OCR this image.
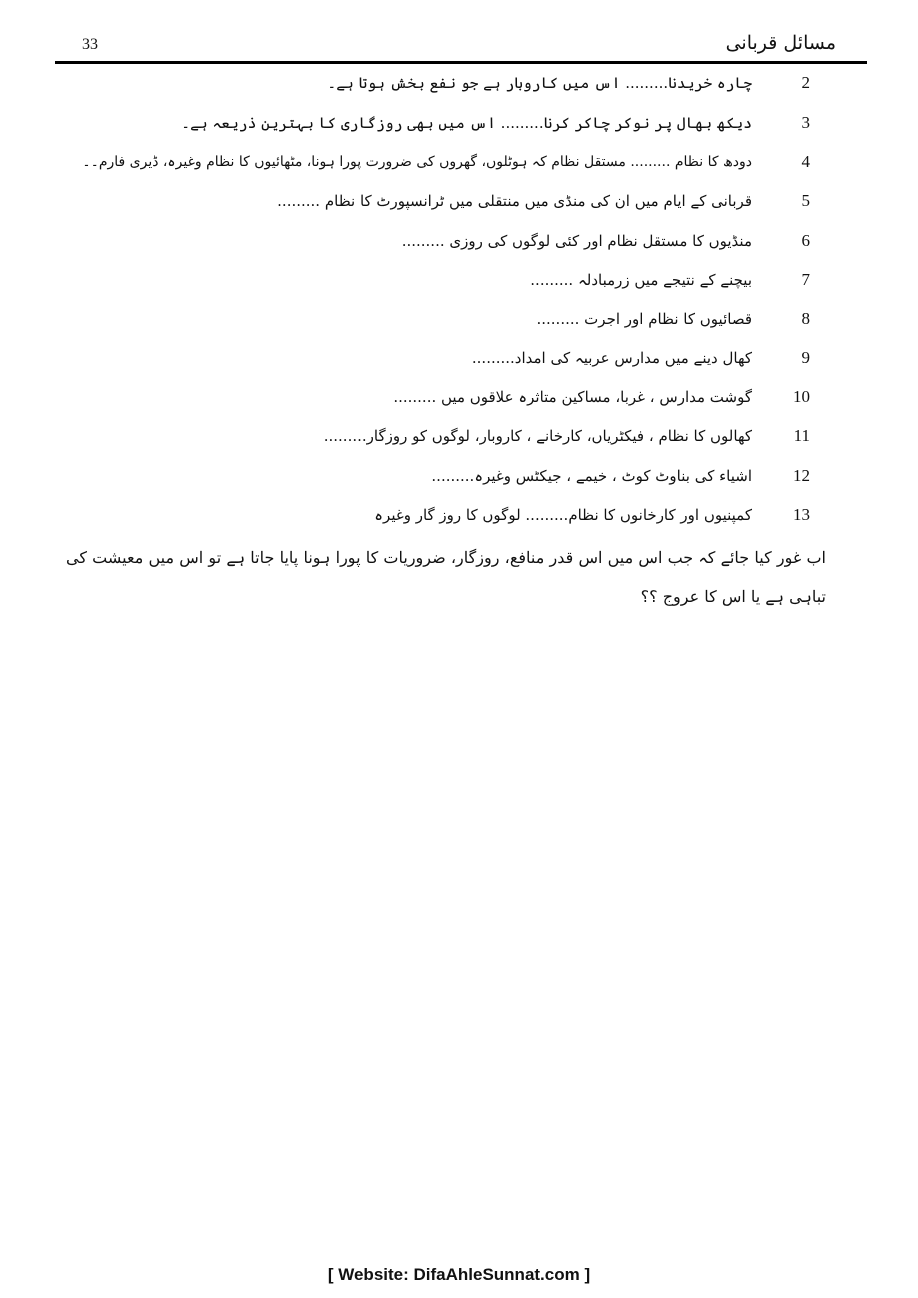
مسائل قربانی
33
2
چارہ خریدنا......... اس میں کاروبار ہے جو نفع بخش ہوتا ہے۔
3
دیکھ بھال پر نوکر چاکر کرنا......... اس میں بھی روزگاری کا بہترین ذریعہ ہے۔
4
دودھ کا نظام ......... مستقل نظام کہ ہوٹلوں، گھروں کی ضرورت پورا ہونا، مٹھائیوں کا نظام وغیرہ، ڈیری فارم۔۔
5
قربانی کے ایام میں ان کی منڈی میں منتقلی میں ٹرانسپورٹ کا نظام .........
6
منڈیوں کا مستقل نظام اور کئی لوگوں کی روزی .........
7
بیچنے کے نتیجے میں زرمبادلہ .........
8
قصائیوں کا نظام اور اجرت .........
9
کھال دینے میں مدارس عربیہ کی امداد.........
10
گوشت مدارس ، غربا، مساکین متاثرہ علاقوں میں .........
11
کھالوں کا نظام ، فیکٹریاں، کارخانے ، کاروبار، لوگوں کو روزگار.........
12
اشیاء کی بناوٹ کوٹ ، خیمے ، جیکٹس وغیرہ.........
13
کمپنیوں اور کارخانوں کا نظام......... لوگوں کا روز گار وغیرہ
اب غور کیا جائے کہ جب اس میں اس قدر منافع، روزگار، ضروریات کا پورا ہونا پایا جاتا ہے تو اس میں معیشت کی تباہی ہے یا اس کا عروج ؟؟
[ Website: DifaAhleSunnat.com ]
